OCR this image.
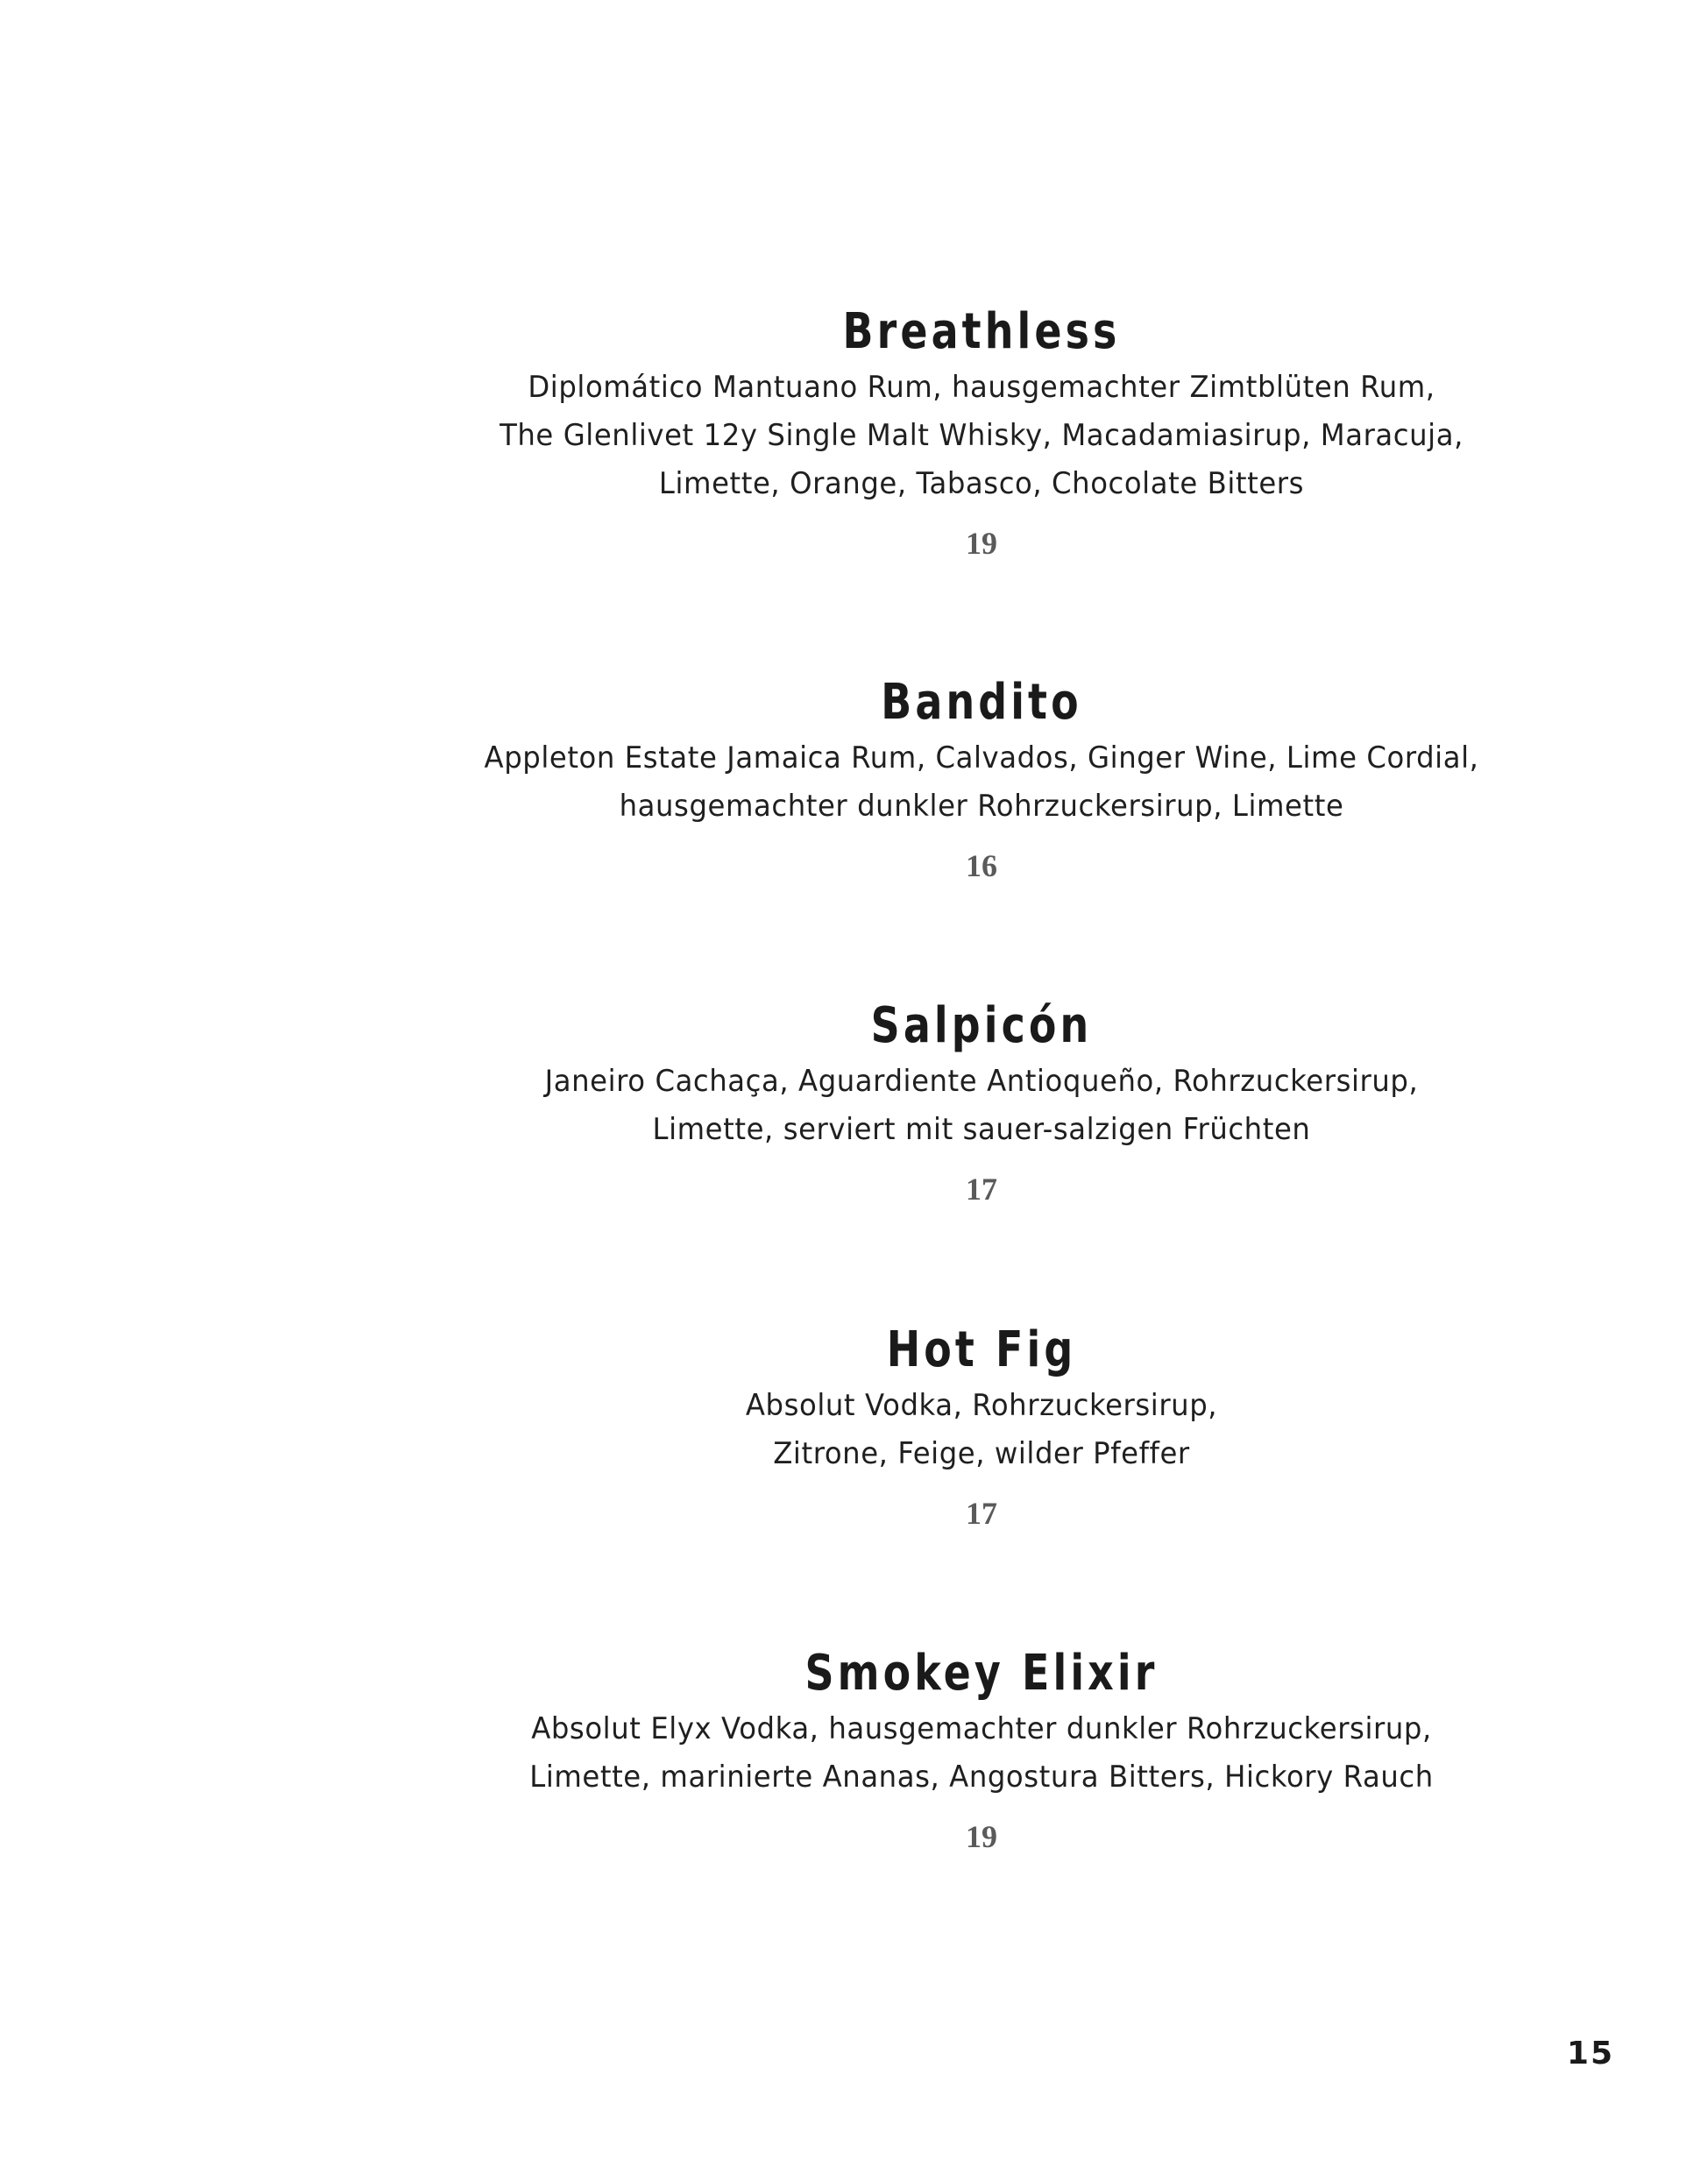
Breathless
Diplomático Mantuano Rum, hausgemachter Zimtblüten Rum,
The Glenlivet 12y Single Malt Whisky, Macadamiasirup, Maracuja,
Limette, Orange, Tabasco, Chocolate Bitters
19
Bandito
Appleton Estate Jamaica Rum, Calvados, Ginger Wine, Lime Cordial,
hausgemachter dunkler Rohrzuckersirup, Limette
16
Salpicón
Janeiro Cachaça, Aguardiente Antioqueño, Rohrzuckersirup,
Limette, serviert mit sauer-salzigen Früchten
17
Hot Fig
Absolut Vodka, Rohrzuckersirup,
Zitrone, Feige, wilder Pfeffer
17
Smokey Elixir
Absolut Elyx Vodka, hausgemachter dunkler Rohrzuckersirup,
Limette, marinierte Ananas, Angostura Bitters, Hickory Rauch
19
15
